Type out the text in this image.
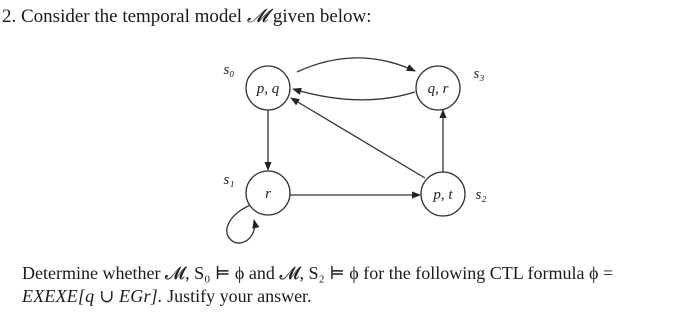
2. Consider the temporal model 𝓜 given below:
p, q	q, r
r	p, t
s₀	s₃
s₁
s₂
Determine whether 𝓜, S₀ ⊨ ϕ and 𝓜, S₂ ⊨ ϕ for the following CTL formula ϕ =
EXEXE[q ∪ EGr]. Justify your answer.
